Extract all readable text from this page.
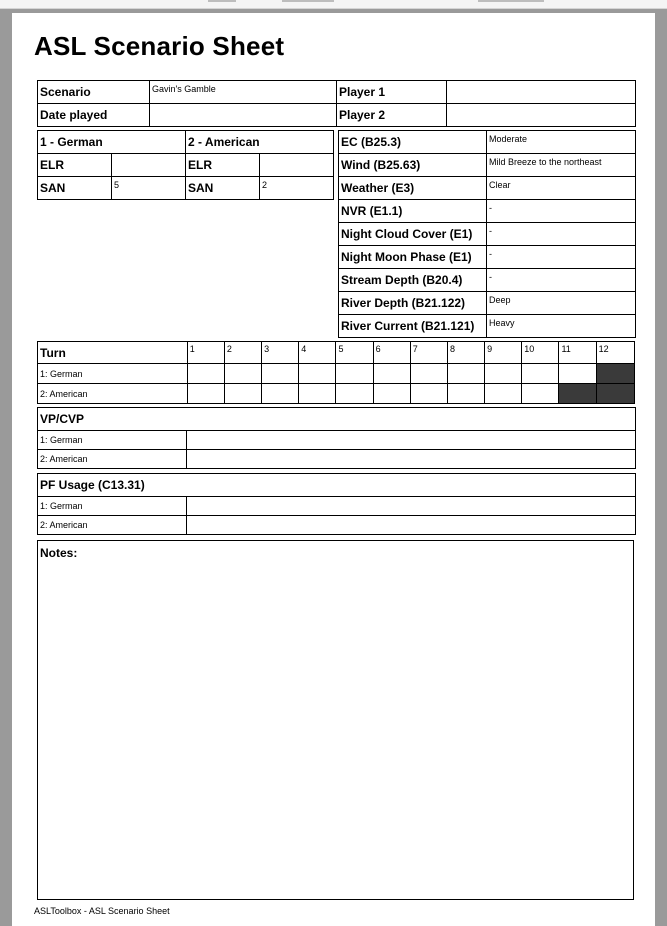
ASL Scenario Sheet
Scenario	Gavin's Gamble	Player 1	
Date played		Player 2	
1 - German		2 - American	
ELR		ELR	
SAN	5	SAN	2
EC (B25.3)	Moderate
Wind (B25.63)	Mild Breeze to the northeast
Weather (E3)	Clear
NVR (E1.1)	-
Night Cloud Cover (E1)	-
Night Moon Phase (E1)	-
Stream Depth (B20.4)	-
River Depth (B21.122)	Deep
River Current (B21.121)	Heavy
Turn	1	2	3	4	5	6	7	8	9	10	11	12
1: German												
2: American												
VP/CVP	
1: German	
2: American	
PF Usage (C13.31)	
1: German	
2: American	
Notes:
ASLToolbox - ASL Scenario Sheet
